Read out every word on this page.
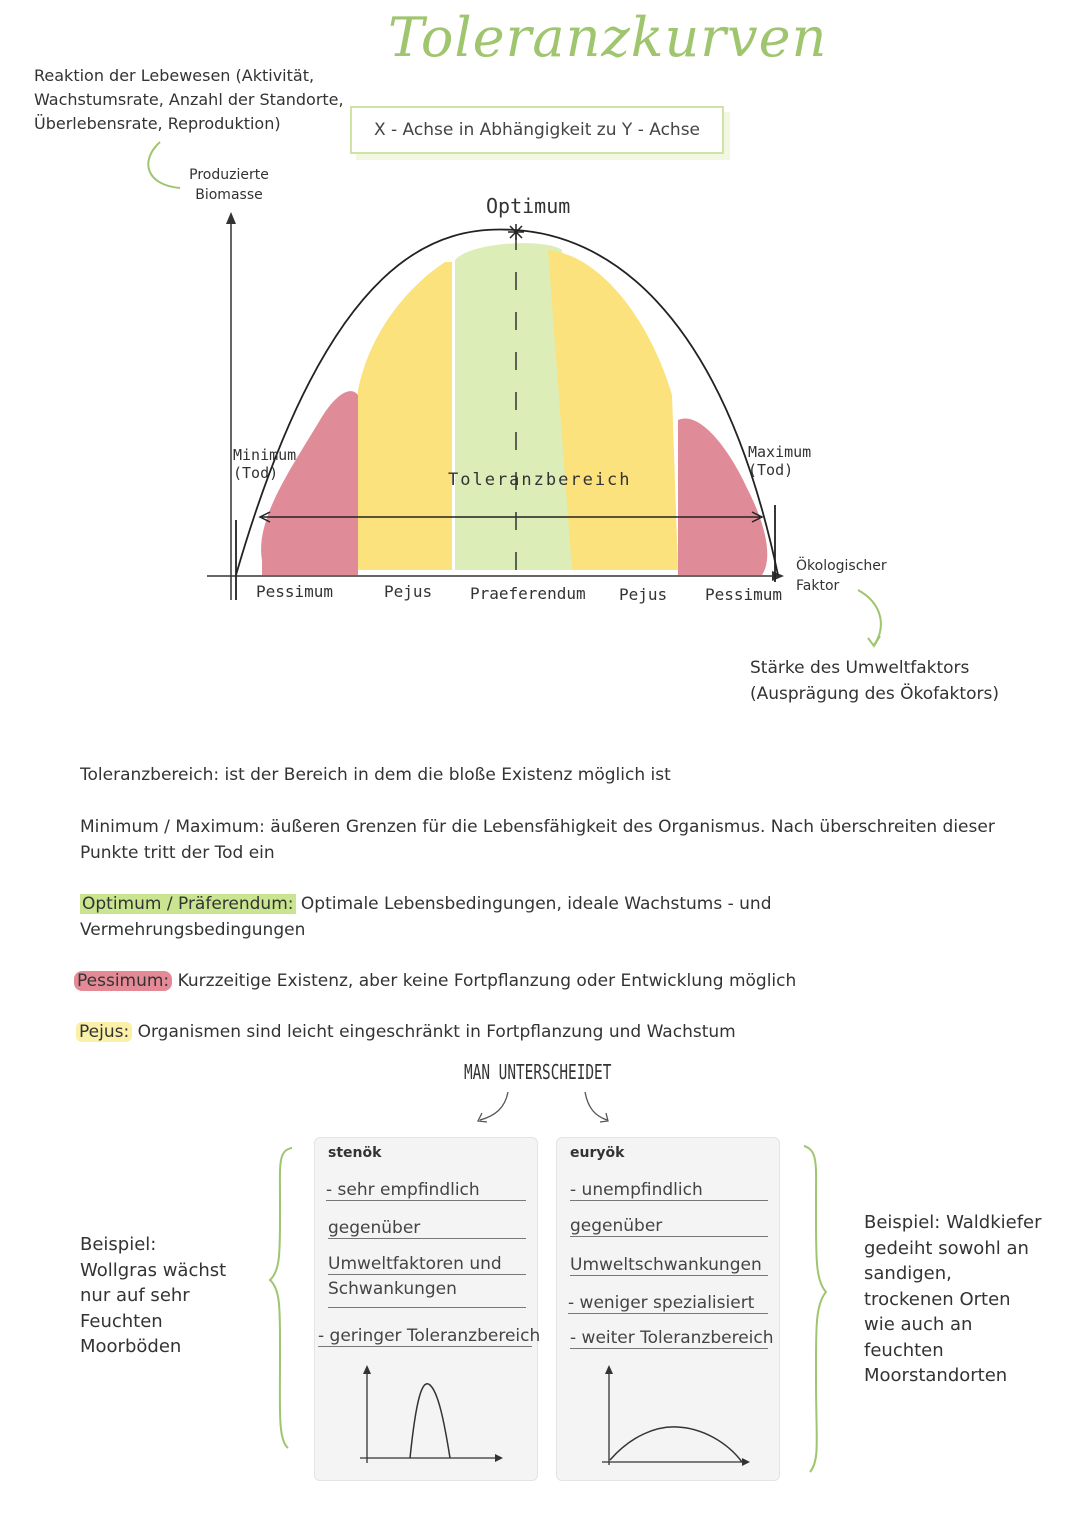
Toleranzkurven
Reaktion der Lebewesen (Aktivität, Wachstumsrate, Anzahl der Standorte, Überlebensrate, Reproduktion)	X - Achse in Abhängigkeit zu Y - Achse
Produzierte
Biomasse	Optimum
Minimum
(Tod)
Maximum
(Tod)
Toleranzbereich
Pessimum	Pejus Praeferendum Pejus Pessimum
Ökologischer
Faktor
Stärke des Umweltfaktors
(Ausprägung des Ökofaktors)
Toleranzbereich: ist der Bereich in dem die bloße Existenz möglich ist
Minimum / Maximum: äußeren Grenzen für die Lebensfähigkeit des Organismus. Nach überschreiten dieser Punkte tritt der Tod ein
Optimum / Präferendum: Optimale Lebensbedingungen, ideale Wachstums - und Vermehrungsbedingungen
Pessimum: Kurzzeitige Existenz, aber keine Fortpflanzung oder Entwicklung möglich
Pejus: Organismen sind leicht eingeschränkt in Fortpflanzung und Wachstum
MAN UNTERSCHEIDET
stenök
- sehr empfindlich
gegenüber
Umweltfaktoren und
Schwankungen
- geringer Toleranzbereich
euryök
- unempfindlich
gegenüber
Umweltschwankungen
- weniger spezialisiert
- weiter Toleranzbereich
Beispiel:
Wollgras wächst
nur auf sehr
Feuchten
Moorböden
Beispiel: Waldkiefer
gedeiht sowohl an
sandigen,
trockenen Orten
wie auch an
feuchten
Moorstandorten
